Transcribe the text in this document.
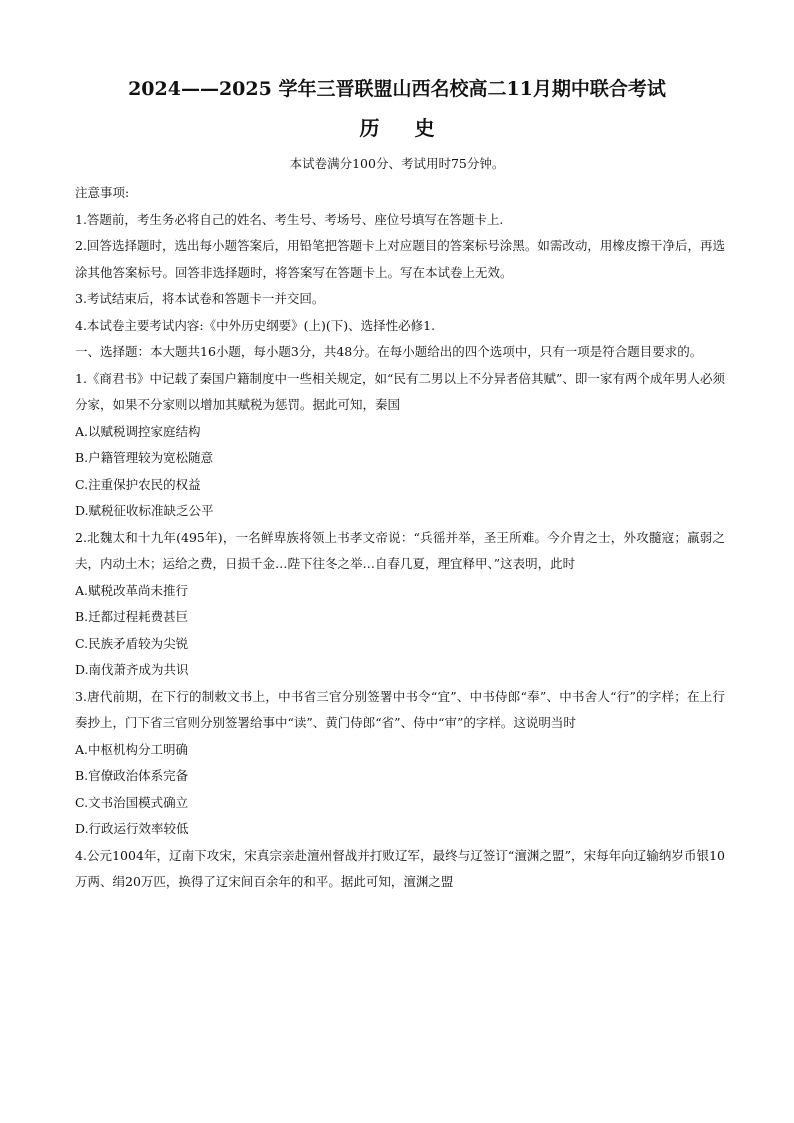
2024——2025 学年三晋联盟山西名校高二11月期中联合考试
历 史
本试卷满分100分、考试用时75分钟。
注意事项:
1.答题前，考生务必将自己的姓名、考生号、考场号、座位号填写在答题卡上.
2.回答选择题时，选出每小题答案后，用铅笔把答题卡上对应题目的答案标号涂黑。如需改动，用橡皮擦干净后，再选涂其他答案标号。回答非选择题时，将答案写在答题卡上。写在本试卷上无效。
3.考试结束后，将本试卷和答题卡一并交回。
4.本试卷主要考试内容:《中外历史纲要》(上)(下)、选择性必修1.
一、选择题：本大题共16小题，每小题3分，共48分。在每小题给出的四个选项中，只有一项是符合题目要求的。
1.《商君书》中记载了秦国户籍制度中一些相关规定，如“民有二男以上不分异者倍其赋”、即一家有两个成年男人必须分家，如果不分家则以增加其赋税为惩罚。据此可知，秦国
A.以赋税调控家庭结构
B.户籍管理较为宽松随意
C.注重保护农民的权益
D.赋税征收标准缺乏公平
2.北魏太和十九年(495年)，一名鲜卑族将领上书孝文帝说：“兵徭并举，圣王所难。今介胄之士，外攻髓寇；羸弱之夫，内动土木；运给之费，日损千金…陛下往冬之举…自春几夏，理宜释甲、”这表明，此时
A.赋税改革尚未推行
B.迁都过程耗费甚巨
C.民族矛盾较为尖锐
D.南伐萧齐成为共识
3.唐代前期，在下行的制敕文书上，中书省三官分别签署中书令“宜”、中书侍郎“奉”、中书舍人“行”的字样；在上行奏抄上，门下省三官则分别签署给事中“读”、黄门侍郎“省”、侍中“审”的字样。这说明当时
A.中枢机构分工明确
B.官僚政治体系完备
C.文书治国模式确立
D.行政运行效率较低
4.公元1004年，辽南下攻宋，宋真宗亲赴澶州督战并打败辽军，最终与辽签订“澶渊之盟”，宋每年向辽输纳岁币银10万两、绢20万匹，换得了辽宋间百余年的和平。据此可知，澶渊之盟
